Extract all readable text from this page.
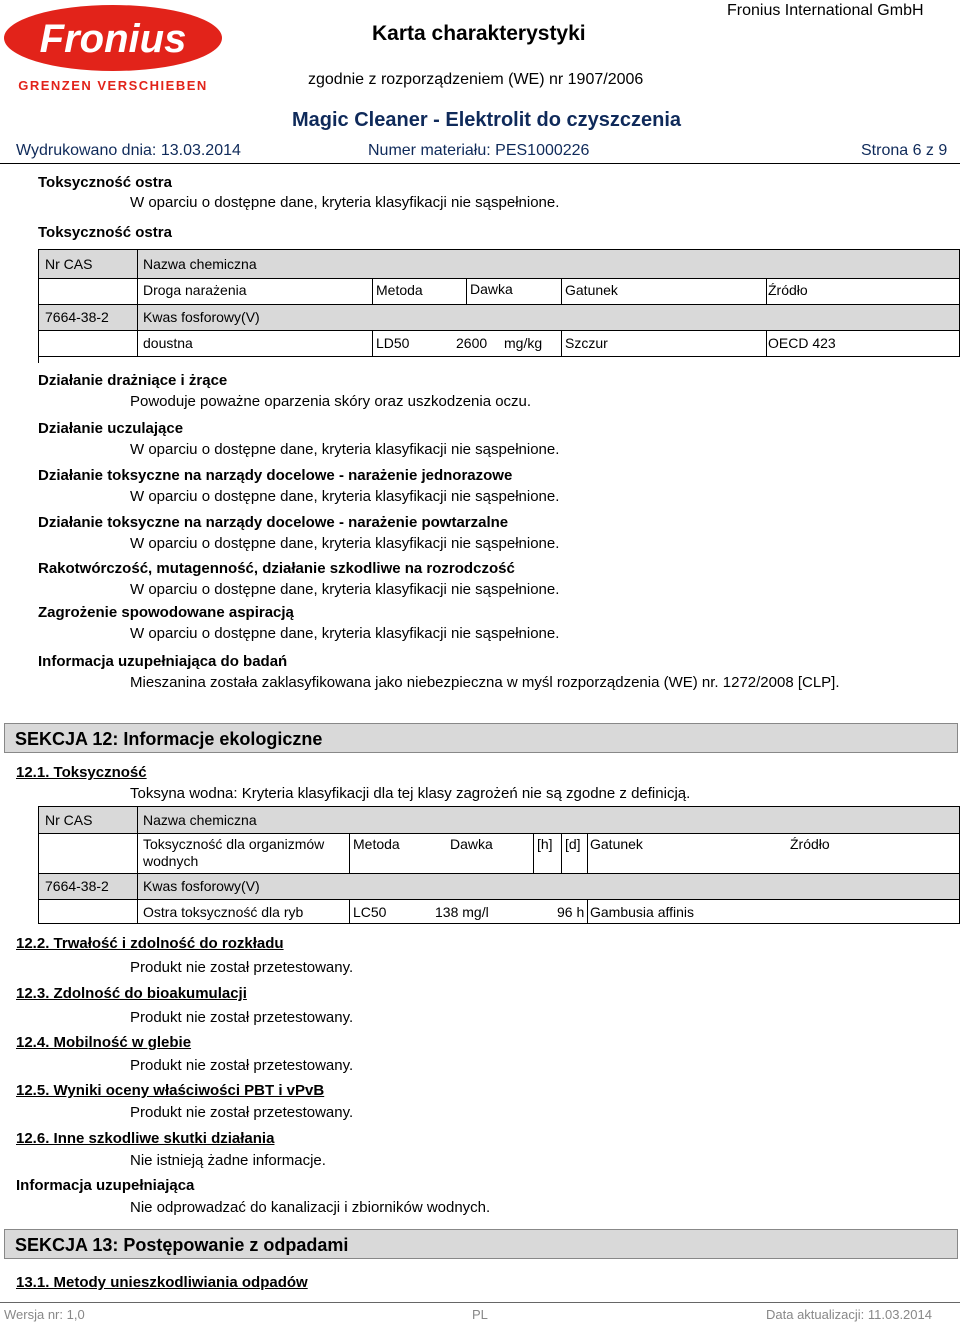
Fronius
GRENZEN VERSCHIEBEN
Karta charakterystyki
Fronius International GmbH
zgodnie z rozporządzeniem (WE) nr 1907/2006
Magic Cleaner - Elektrolit do czyszczenia
Wydrukowano dnia: 13.03.2014	Numer materiału: PES1000226	Strona 6 z 9
Toksyczność ostra
W oparciu o dostępne dane, kryteria klasyfikacji nie sąspełnione.
Toksyczność ostra
Nr CAS	Nazwa chemiczna
Droga narażenia	Metoda	Dawka	Gatunek	Źródło
7664-38-2 Kwas fosforowy(V)
doustna	LD50	2600 mg/kg Szczur	OECD 423
Działanie drażniące i żrące
Powoduje poważne oparzenia skóry oraz uszkodzenia oczu.
Działanie uczulające
W oparciu o dostępne dane, kryteria klasyfikacji nie sąspełnione.
Działanie toksyczne na narządy docelowe - narażenie jednorazowe
W oparciu o dostępne dane, kryteria klasyfikacji nie sąspełnione.
Działanie toksyczne na narządy docelowe - narażenie powtarzalne
W oparciu o dostępne dane, kryteria klasyfikacji nie sąspełnione.
Rakotwórczość, mutagenność, działanie szkodliwe na rozrodczość
W oparciu o dostępne dane, kryteria klasyfikacji nie sąspełnione.
Zagrożenie spowodowane aspiracją
W oparciu o dostępne dane, kryteria klasyfikacji nie sąspełnione.
Informacja uzupełniająca do badań
Mieszanina została zaklasyfikowana jako niebezpieczna w myśl rozporządzenia (WE) nr. 1272/2008 [CLP].
SEKCJA 12: Informacje ekologiczne
12.1. Toksyczność
Toksyna wodna: Kryteria klasyfikacji dla tej klasy zagrożeń nie są zgodne z definicją.
Nr CAS	Nazwa chemiczna
Toksyczność dla organizmów
wodnych
Metoda	Dawka	[h] [d] Gatunek	Źródło
7664-38-2 Kwas fosforowy(V)
Ostra toksyczność dla ryb	LC50	138 mg/l	96 h Gambusia affinis
12.2. Trwałość i zdolność do rozkładu
Produkt nie został przetestowany.
12.3. Zdolność do bioakumulacji
Produkt nie został przetestowany.
12.4. Mobilność w glebie
Produkt nie został przetestowany.
12.5. Wyniki oceny właściwości PBT i vPvB
Produkt nie został przetestowany.
12.6. Inne szkodliwe skutki działania
Nie istnieją żadne informacje.
Informacja uzupełniająca
Nie odprowadzać do kanalizacji i zbiorników wodnych.
SEKCJA 13: Postępowanie z odpadami
13.1. Metody unieszkodliwiania odpadów
Wersja nr: 1,0	PL	Data aktualizacji: 11.03.2014
